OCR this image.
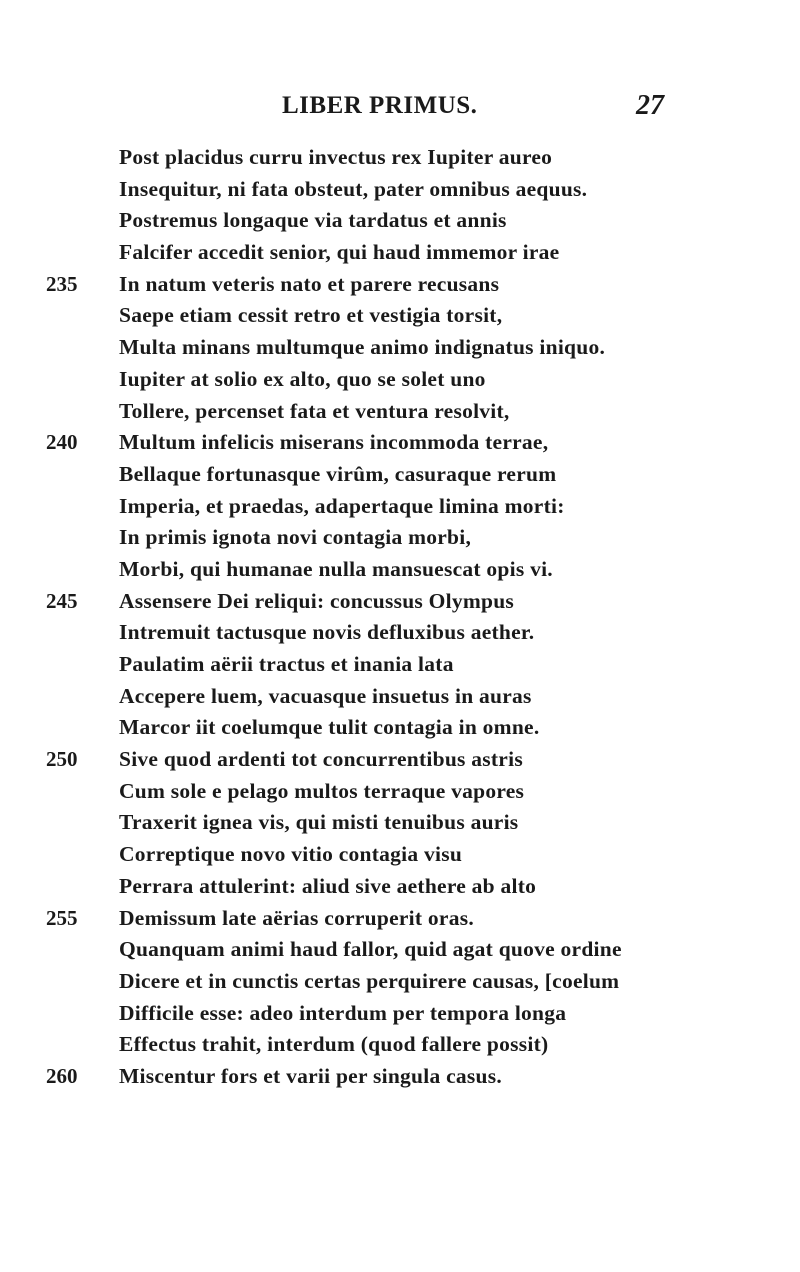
LIBER PRIMUS.	27
Post placidus curru invectus rex Iupiter aureo
Insequitur, ni fata obsteut, pater omnibus aequus.
Postremus longaque via tardatus et annis
Falcifer accedit senior, qui haud immemor irae
235	In natum veteris nato et parere recusans
Saepe etiam cessit retro et vestigia torsit,
Multa minans multumque animo indignatus iniquo.
Iupiter at solio ex alto, quo se solet uno
Tollere, percenset fata et ventura resolvit,
240	Multum infelicis miserans incommoda terrae,
Bellaque fortunasque virûm, casuraque rerum
Imperia, et praedas, adapertaque limina morti:
In primis ignota novi contagia morbi,
Morbi, qui humanae nulla mansuescat opis vi.
245	Assensere Dei reliqui: concussus Olympus
Intremuit tactusque novis defluxibus aether.
Paulatim aërii tractus et inania lata
Accepere luem, vacuasque insuetus in auras
Marcor iit coelumque tulit contagia in omne.
250	Sive quod ardenti tot concurrentibus astris
Cum sole e pelago multos terraque vapores
Traxerit ignea vis, qui misti tenuibus auris
Correptique novo vitio contagia visu
Perrara attulerint: aliud sive aethere ab alto
255	Demissum late aërias corruperit oras.
Quanquam animi haud fallor, quid agat quove ordine
Dicere et in cunctis certas perquirere causas, [coelum
Difficile esse: adeo interdum per tempora longa
Effectus trahit, interdum (quod fallere possit)
260	Miscentur fors et varii per singula casus.
